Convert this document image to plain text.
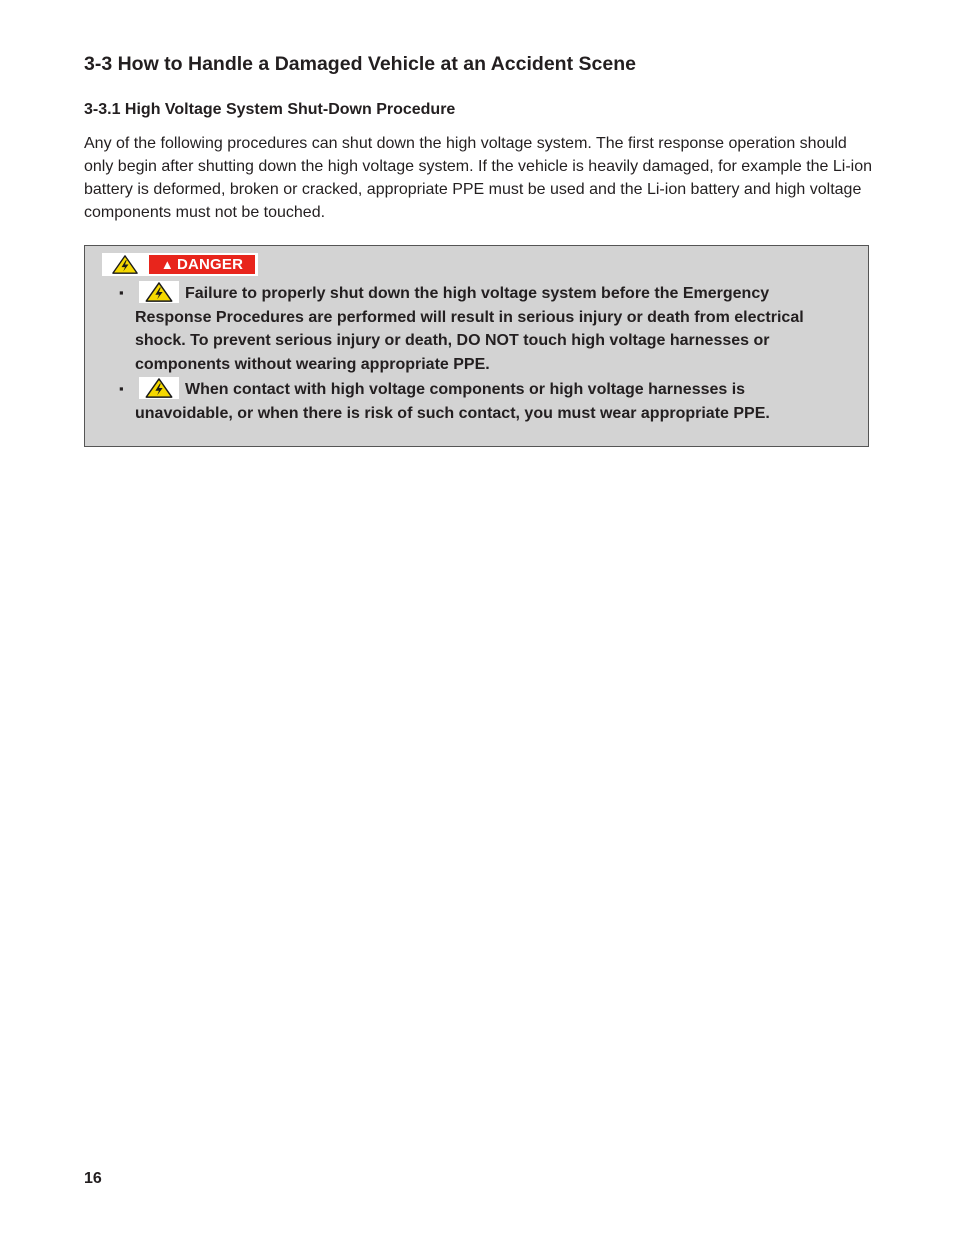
3-3 How to Handle a Damaged Vehicle at an Accident Scene
3-3.1 High Voltage System Shut-Down Procedure

Any of the following procedures can shut down the high voltage system. The first response operation should only begin after shutting down the high voltage system. If the vehicle is heavily damaged, for example the Li-ion battery is deformed, broken or cracked, appropriate PPE must be used and the Li-ion battery and high voltage components must not be touched.

▲ DANGER
▪	Failure to properly shut down the high voltage system before the Emergency Response Procedures are performed will result in serious injury or death from electrical shock. To prevent serious injury or death, DO NOT touch high voltage harnesses or components without wearing appropriate PPE.
▪	When contact with high voltage components or high voltage harnesses is unavoidable, or when there is risk of such contact, you must wear appropriate PPE.

16
